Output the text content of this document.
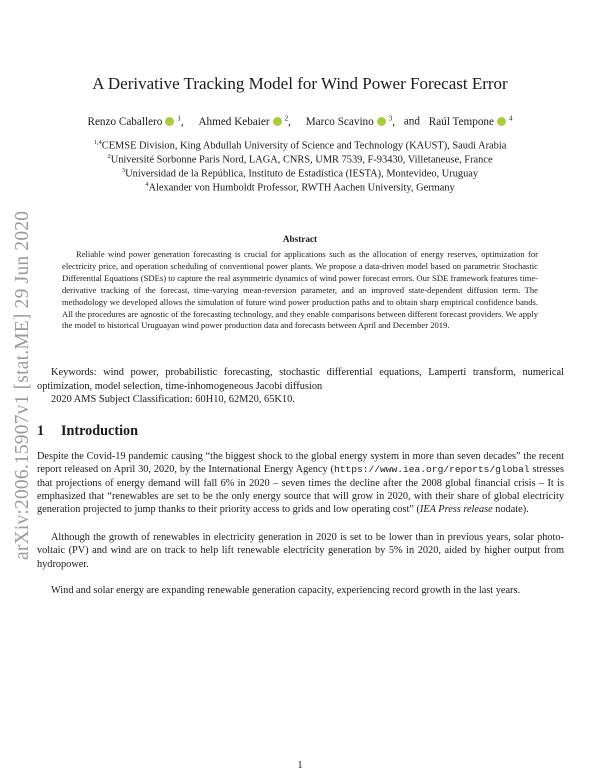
arXiv:2006.15907v1 [stat.ME] 29 Jun 2020
A Derivative Tracking Model for Wind Power Forecast Error
Renzo Caballero $^1$, Ahmed Kebaier $^2$, Marco Scavino $^3$, and Raúl Tempone $^4$
$^{1,4}$CEMSE Division, King Abdullah University of Science and Technology (KAUST), Saudi Arabia
$^2$Université Sorbonne Paris Nord, LAGA, CNRS, UMR 7539, F-93430, Villetaneuse, France
$^3$Universidad de la República, Instituto de Estadística (IESTA), Montevideo, Uruguay
$^4$Alexander von Humboldt Professor, RWTH Aachen University, Germany
Abstract
Reliable wind power generation forecasting is crucial for applications such as the allocation of energy reserves, optimization for electricity price, and operation scheduling of conventional power plants. We propose a data-driven model based on parametric Stochastic Differential Equations (SDEs) to capture the real asymmetric dynamics of wind power forecast errors. Our SDE framework features time-derivative tracking of the forecast, time-varying mean-reversion parameter, and an improved state-dependent diffusion term. The methodology we developed allows the simulation of future wind power production paths and to obtain sharp empirical confidence bands. All the procedures are agnostic of the forecasting technology, and they enable comparisons between different forecast providers. We apply the model to historical Uruguayan wind power production data and forecasts between April and December 2019.
Keywords: wind power, probabilistic forecasting, stochastic differential equations, Lamperti transform, numerical optimization, model selection, time-inhomogeneous Jacobi diffusion
2020 AMS Subject Classification: 60H10, 62M20, 65K10.
1 Introduction
Despite the Covid-19 pandemic causing “the biggest shock to the global energy system in more than seven decades” the recent report released on April 30, 2020, by the International Energy Agency (https://www.iea.org/reports/global stresses that projections of energy demand will fall 6% in 2020 – seven times the decline after the 2008 global financial crisis – It is emphasized that “renewables are set to be the only energy source that will grow in 2020, with their share of global electricity generation projected to jump thanks to their priority access to grids and low operating cost” (IEA Press release nodate).
Although the growth of renewables in electricity generation in 2020 is set to be lower than in previous years, solar photo-voltaic (PV) and wind are on track to help lift renewable electricity generation by 5% in 2020, aided by higher output from hydropower.
Wind and solar energy are expanding renewable generation capacity, experiencing record growth in the last years.
1
